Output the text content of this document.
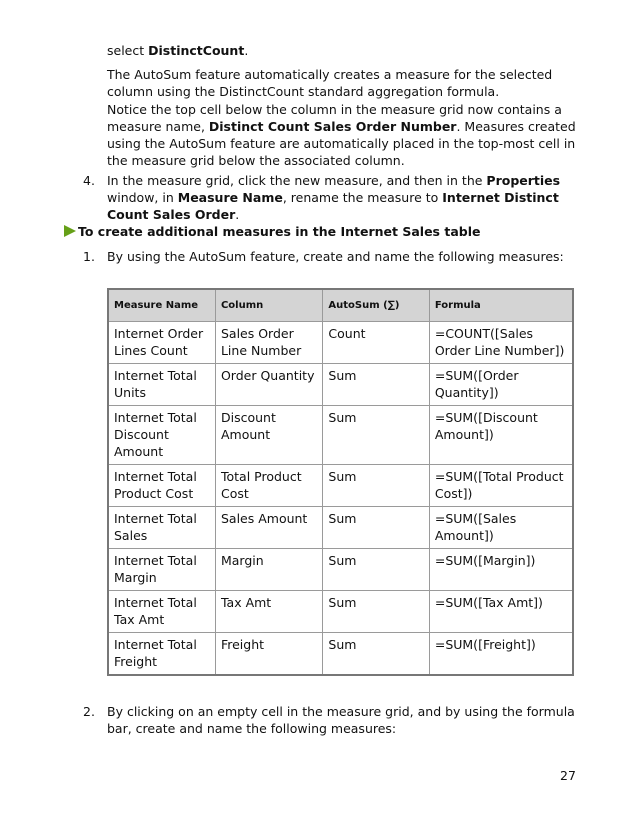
select DistinctCount.

The AutoSum feature automatically creates a measure for the selected column using the DistinctCount standard aggregation formula.

Notice the top cell below the column in the measure grid now contains a measure name, Distinct Count Sales Order Number. Measures created using the AutoSum feature are automatically placed in the top-most cell in the measure grid below the associated column.

4. In the measure grid, click the new measure, and then in the Properties window, in Measure Name, rename the measure to Internet Distinct Count Sales Order.

To create additional measures in the Internet Sales table
1. By using the AutoSum feature, create and name the following measures:

Measure Name	Column	AutoSum (∑)	Formula
Internet Order Lines Count	Sales Order Line Number	Count	=COUNT([Sales Order Line Number])
Internet Total Units	Order Quantity	Sum	=SUM([Order Quantity])
Internet Total Discount Amount	Discount Amount	Sum	=SUM([Discount Amount])
Internet Total Product Cost	Total Product Cost	Sum	=SUM([Total Product Cost])
Internet Total Sales	Sales Amount	Sum	=SUM([Sales Amount])
Internet Total Margin	Margin	Sum	=SUM([Margin])
Internet Total Tax Amt	Tax Amt	Sum	=SUM([Tax Amt])
Internet Total Freight	Freight	Sum	=SUM([Freight])
2. By clicking on an empty cell in the measure grid, and by using the formula bar, create and name the following measures:

27
